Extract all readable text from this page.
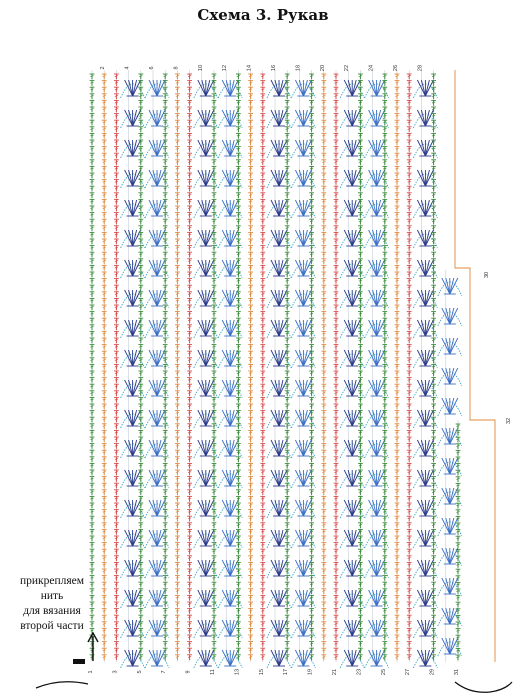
Схема 3. Рукав
2	4	6	8	10	12	14	16	18	20	22	24	26	28
1	3	5	7	9	11	13	15	17	19	21	23	25	27	29	31
30
32
прикрепляем
нить
для вязания
второй части
